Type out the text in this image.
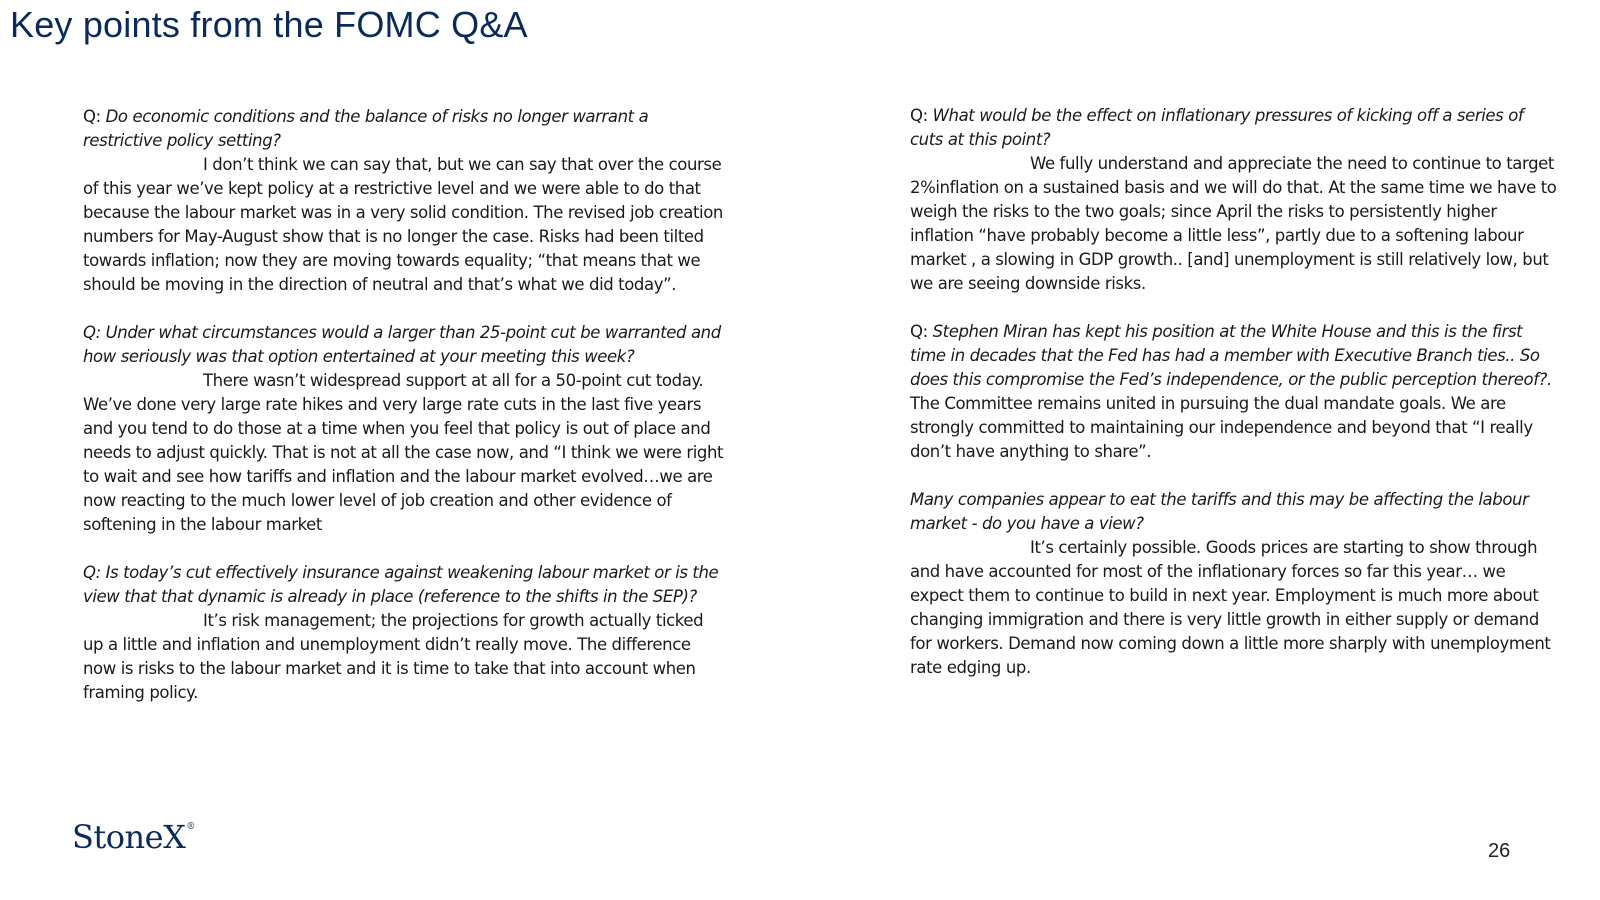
Key points from the FOMC Q&A
Q: Do economic conditions and the balance of risks no longer warrant a restrictive policy setting?
I don’t think we can say that, but we can say that over the course of this year we’ve kept policy at a restrictive level and we were able to do that because the labour market was in a very solid condition. The revised job creation numbers for May-August show that is no longer the case. Risks had been tilted towards inflation; now they are moving towards equality; “that means that we should be moving in the direction of neutral and that’s what we did today”.
Q: Under what circumstances would a larger than 25-point cut be warranted and how seriously was that option entertained at your meeting this week?
There wasn’t widespread support at all for a 50-point cut today. We’ve done very large rate hikes and very large rate cuts in the last five years and you tend to do those at a time when you feel that policy is out of place and needs to adjust quickly. That is not at all the case now, and “I think we were right to wait and see how tariffs and inflation and the labour market evolved…we are now reacting to the much lower level of job creation and other evidence of softening in the labour market
Q: Is today’s cut effectively insurance against weakening labour market or is the view that that dynamic is already in place (reference to the shifts in the SEP)?
It’s risk management; the projections for growth actually ticked up a little and inflation and unemployment didn’t really move. The difference now is risks to the labour market and it is time to take that into account when framing policy.
Q: What would be the effect on inflationary pressures of kicking off a series of cuts at this point?
We fully understand and appreciate the need to continue to target 2%inflation on a sustained basis and we will do that. At the same time we have to weigh the risks to the two goals; since April the risks to persistently higher inflation “have probably become a little less”, partly due to a softening labour market , a slowing in GDP growth.. [and] unemployment is still relatively low, but we are seeing downside risks.
Q: Stephen Miran has kept his position at the White House and this is the first time in decades that the Fed has had a member with Executive Branch ties.. So does this compromise the Fed’s independence, or the public perception thereof?.
The Committee remains united in pursuing the dual mandate goals. We are strongly committed to maintaining our independence and beyond that “I really don’t have anything to share”.
Many companies appear to eat the tariffs and this may be affecting the labour market - do you have a view?
It’s certainly possible. Goods prices are starting to show through and have accounted for most of the inflationary forces so far this year… we expect them to continue to build in next year. Employment is much more about changing immigration and there is very little growth in either supply or demand for workers. Demand now coming down a little more sharply with unemployment rate edging up.
StoneX®
26
